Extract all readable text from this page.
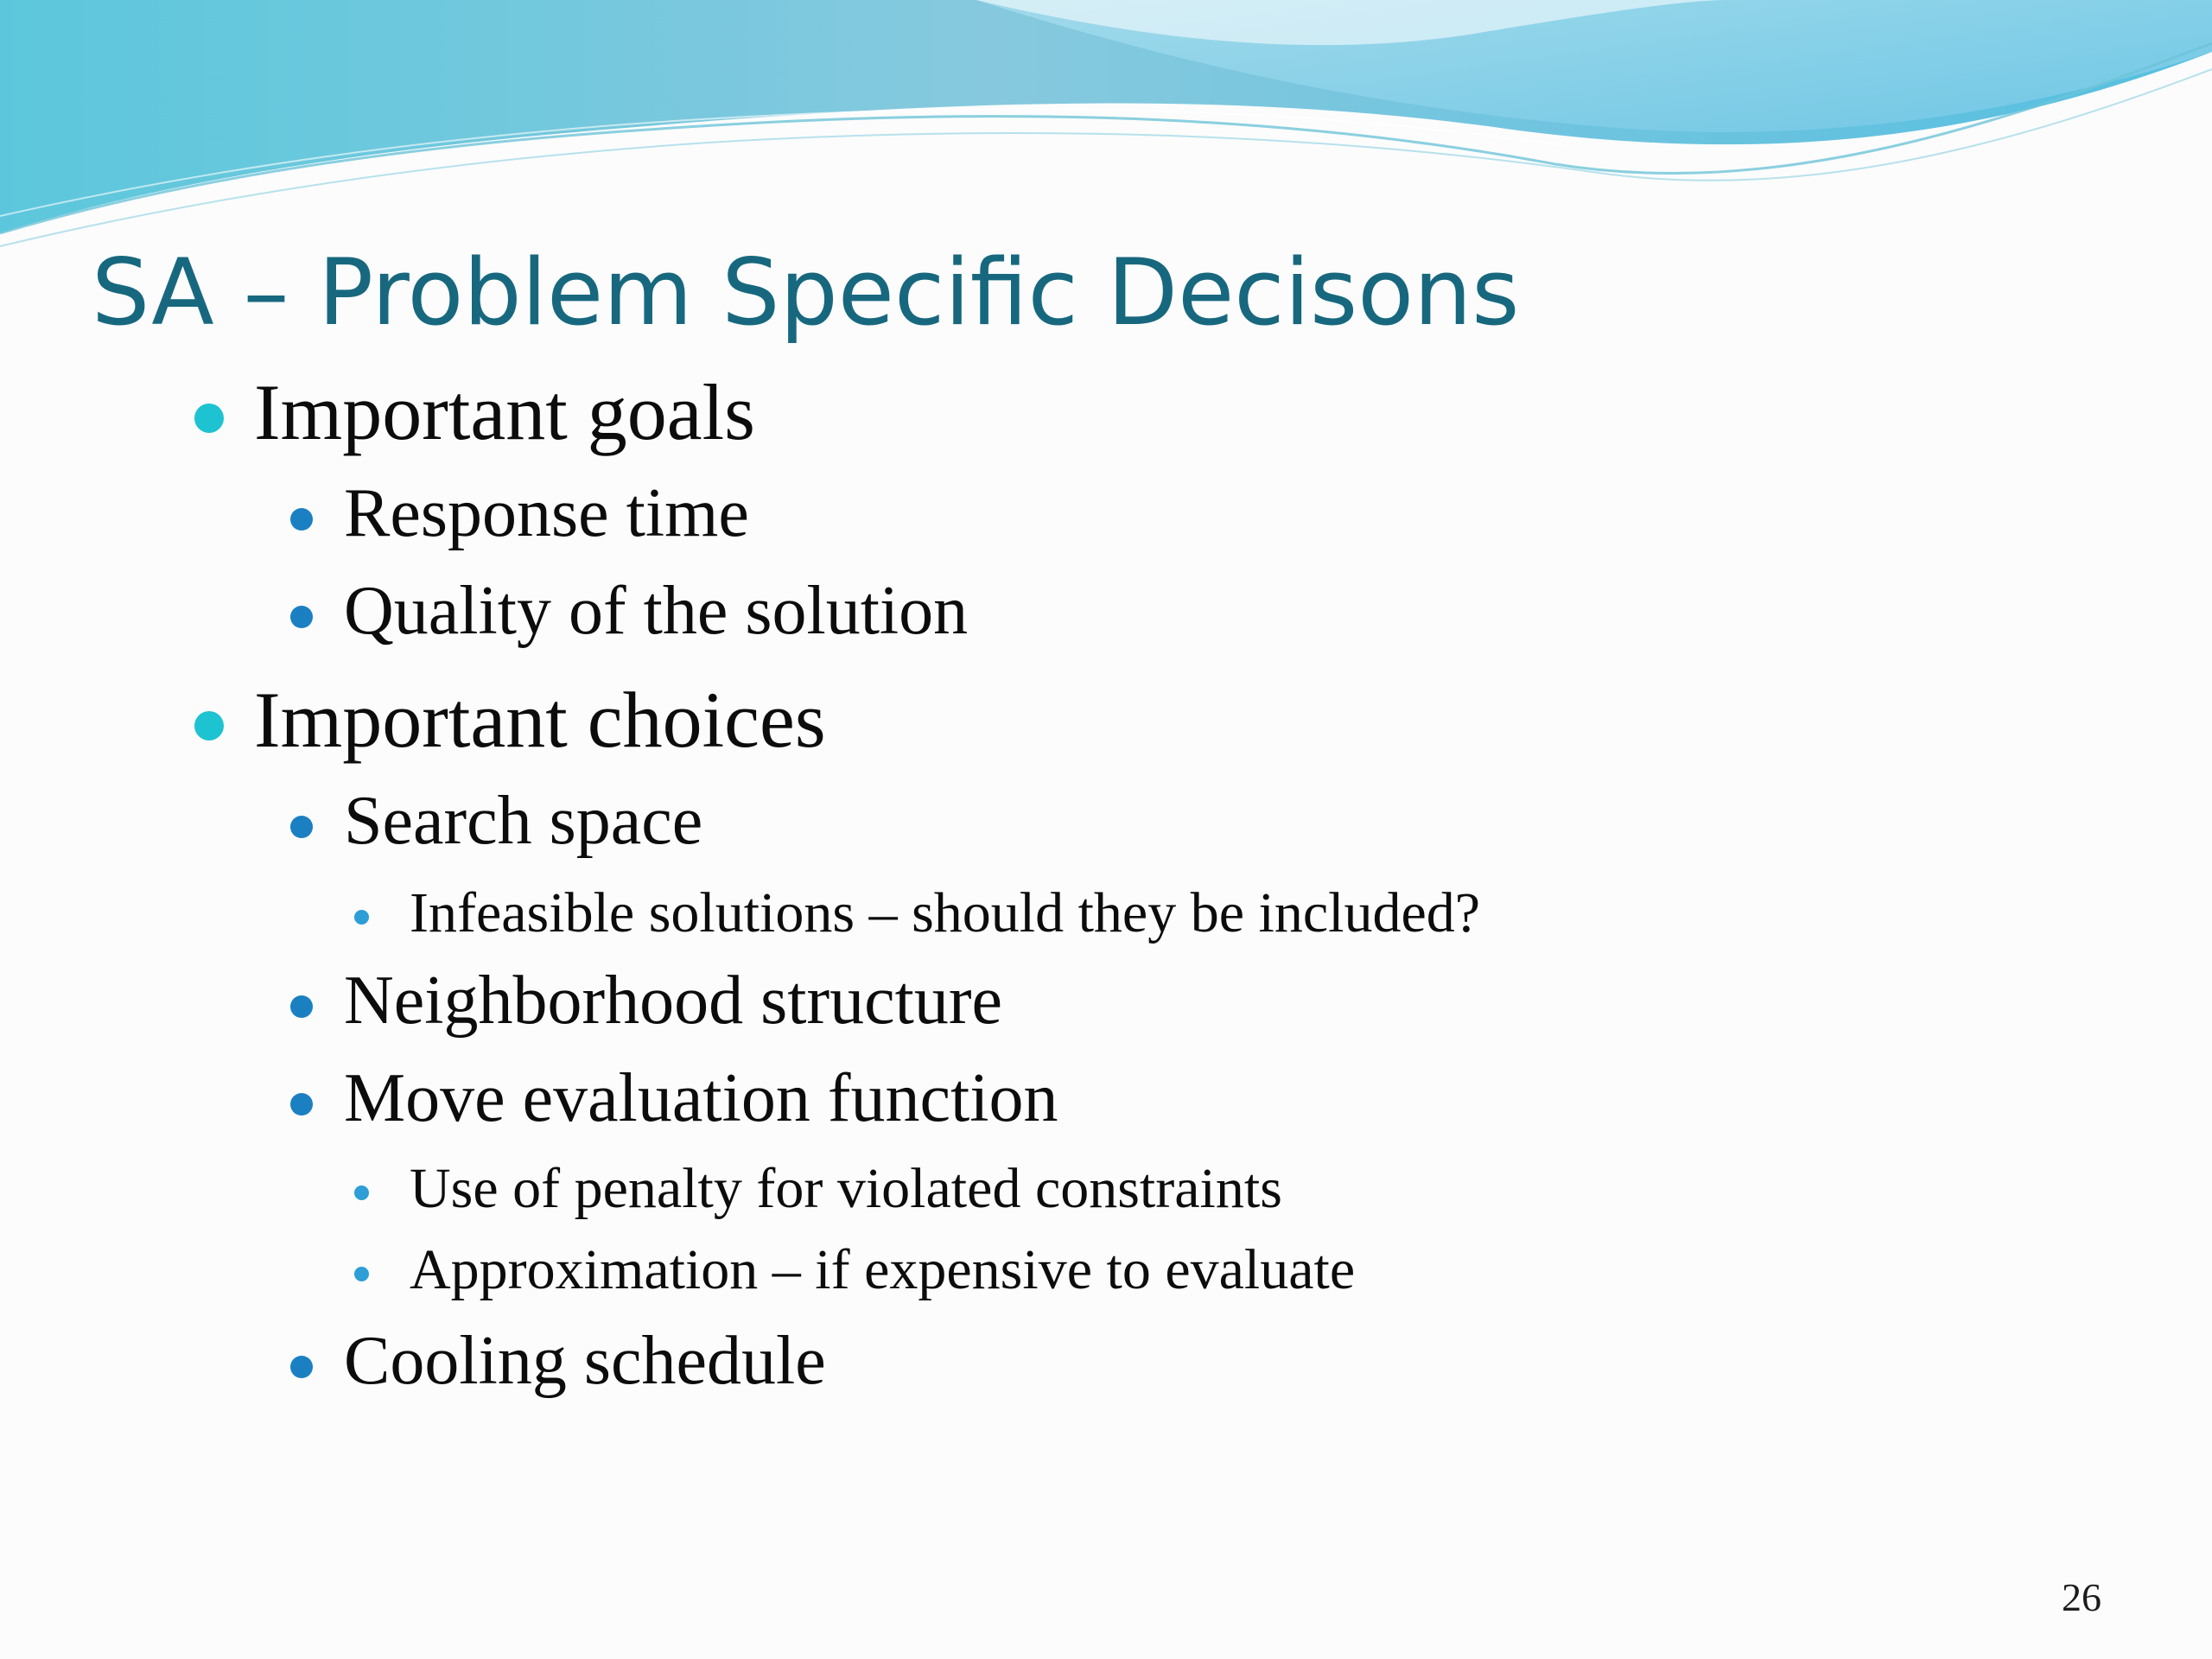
SA – Problem Specific Decisons
Important goals
Response time
Quality of the solution
Important choices
Search space
Infeasible solutions – should they be included?
Neighborhood structure
Move evaluation function
Use of penalty for violated constraints
Approximation – if expensive to evaluate
Cooling schedule
26
